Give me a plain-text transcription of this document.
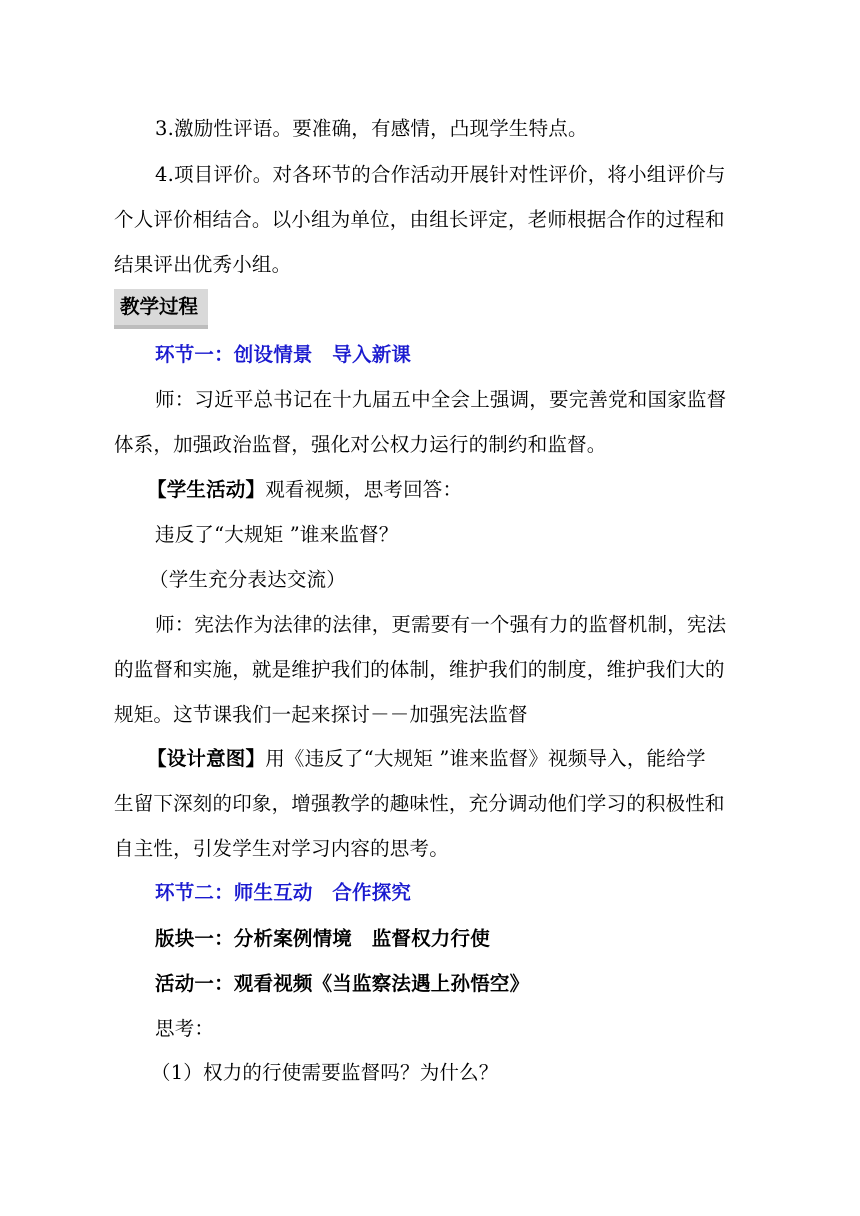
3.激励性评语。要准确，有感情，凸现学生特点。
4.项目评价。对各环节的合作活动开展针对性评价，将小组评价与
个人评价相结合。以小组为单位，由组长评定，老师根据合作的过程和
结果评出优秀小组。
教学过程
环节一：创设情景　导入新课
师：习近平总书记在十九届五中全会上强调，要完善党和国家监督
体系，加强政治监督，强化对公权力运行的制约和监督。
【学生活动】观看视频，思考回答：
违反了“大规矩 ”谁来监督？
（学生充分表达交流）
师：宪法作为法律的法律，更需要有一个强有力的监督机制，宪法
的监督和实施，就是维护我们的体制，维护我们的制度，维护我们大的
规矩。这节课我们一起来探讨－－加强宪法监督
【设计意图】用《违反了“大规矩 ”谁来监督》视频导入，能给学
生留下深刻的印象，增强教学的趣味性，充分调动他们学习的积极性和
自主性，引发学生对学习内容的思考。
环节二：师生互动　合作探究
版块一：分析案例情境　监督权力行使
活动一：观看视频《当监察法遇上孙悟空》
思考：
（1）权力的行使需要监督吗？为什么？
